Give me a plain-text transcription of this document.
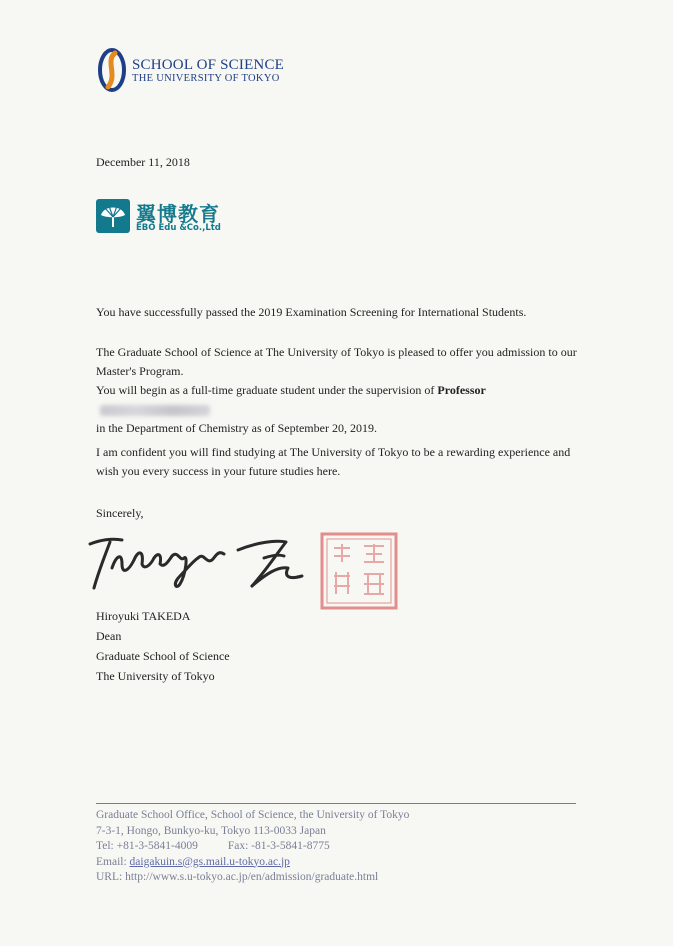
SCHOOL OF SCIENCE
THE UNIVERSITY OF TOKYO
December 11, 2018
翼博教育
EBO Edu &Co.,Ltd
You have successfully passed the 2019 Examination Screening for International Students.
The Graduate School of Science at The University of Tokyo is pleased to offer you admission to our
Master's Program.
You will begin as a full-time graduate student under the supervision of Professor
in the Department of Chemistry as of September 20, 2019.
I am confident you will find studying at The University of Tokyo to be a rewarding experience and
wish you every success in your future studies here.
Sincerely,
Hiroyuki TAKEDA
Dean
Graduate School of Science
The University of Tokyo
Graduate School Office, School of Science, the University of Tokyo
7-3-1, Hongo, Bunkyo-ku, Tokyo 113-0033 Japan
Tel: +81-3-5841-4009	Fax: -81-3-5841-8775
Email: daigakuin.s@gs.mail.u-tokyo.ac.jp
URL: http://www.s.u-tokyo.ac.jp/en/admission/graduate.html
